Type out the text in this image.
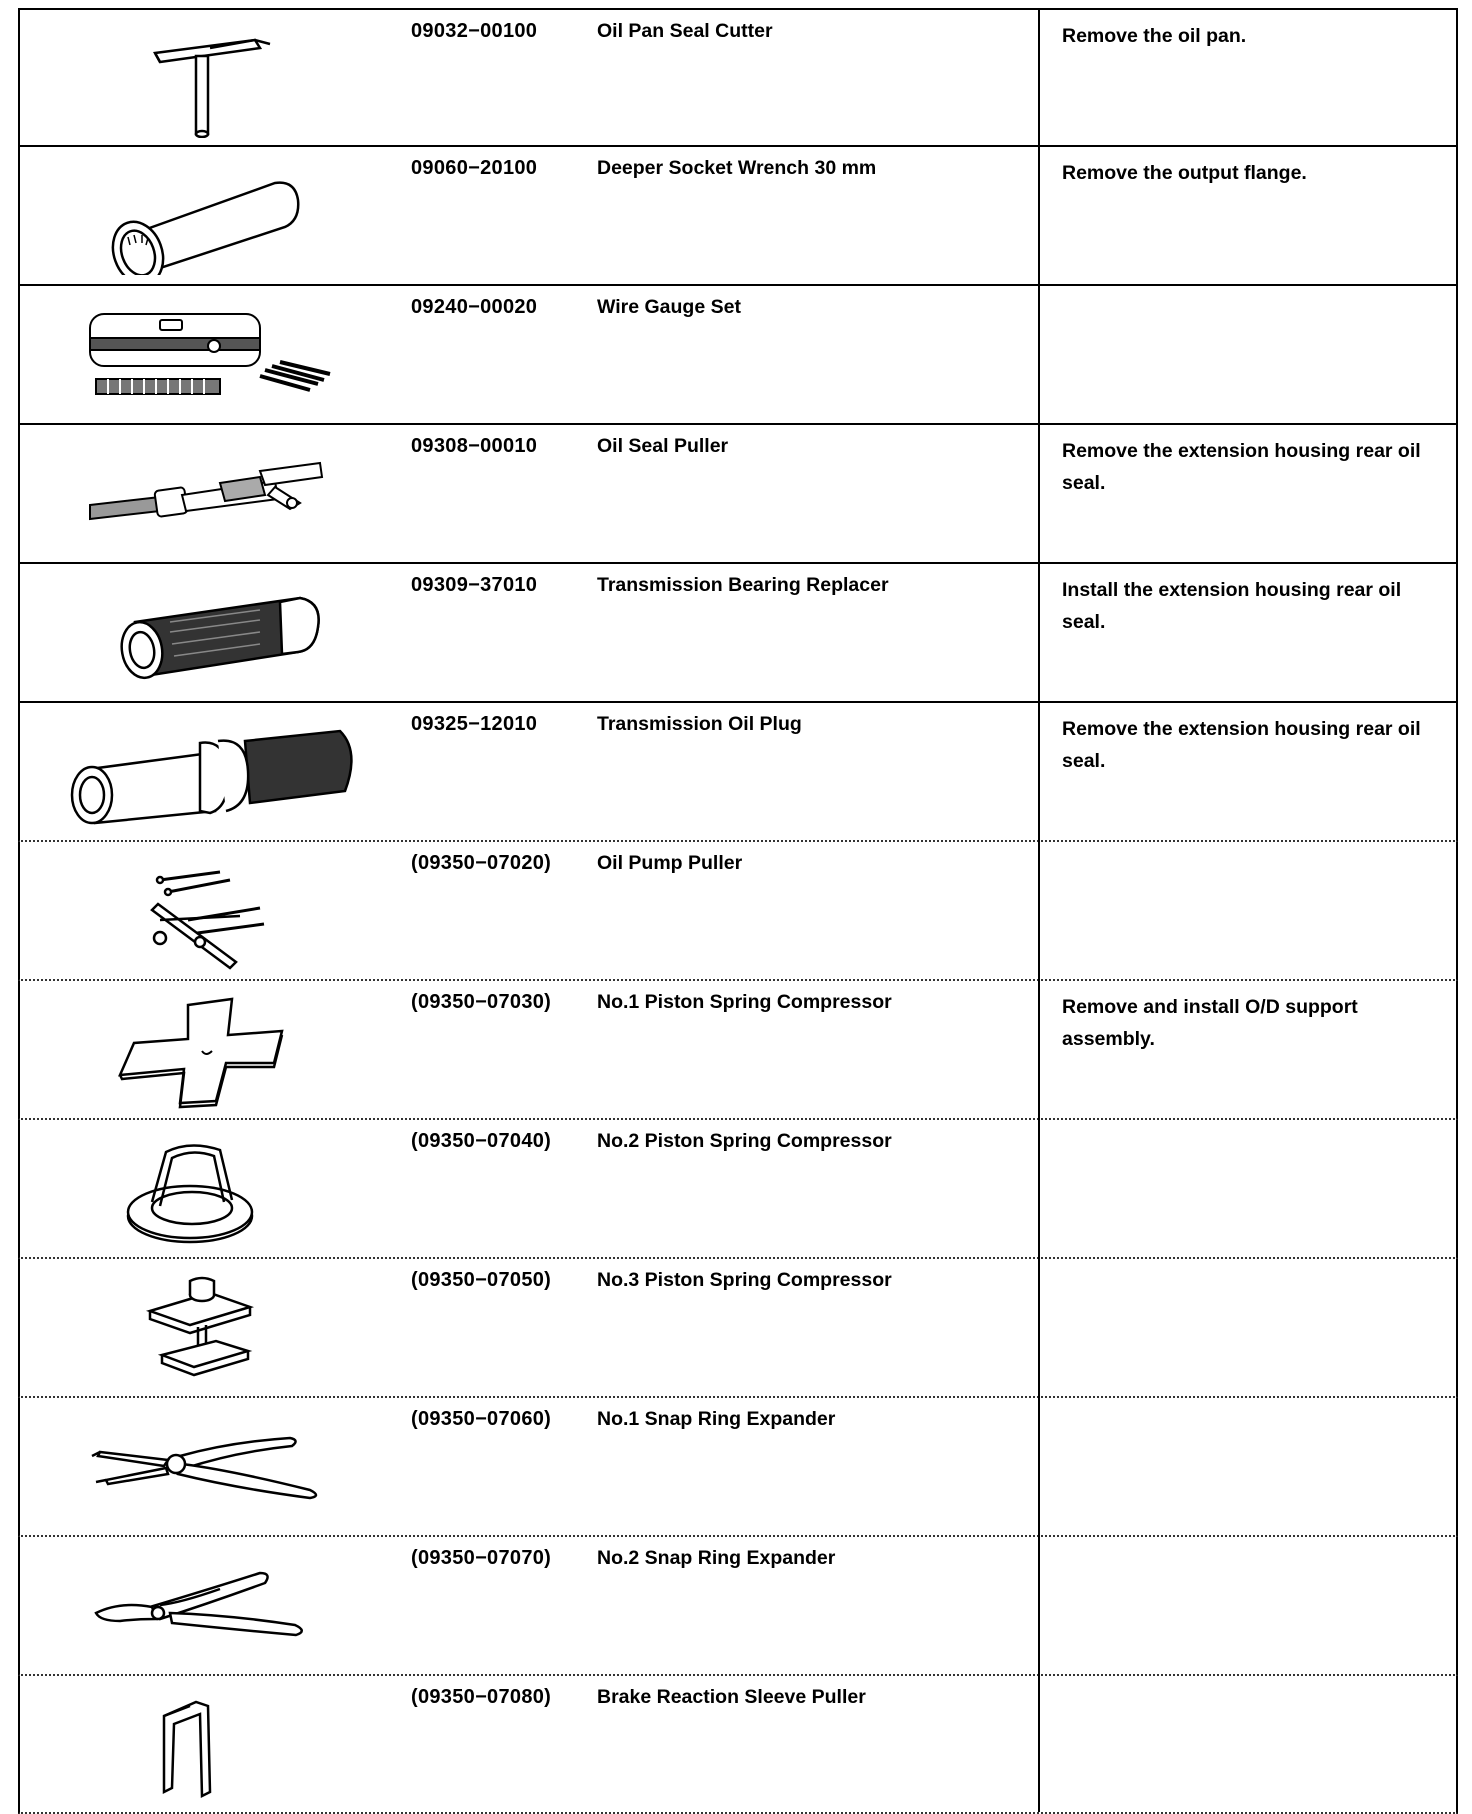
09032−00100	Oil Pan Seal Cutter	Remove the oil pan.
09060−20100	Deeper Socket Wrench 30 mm	Remove the output flange.
09240−00020	Wire Gauge Set
09308−00010	Oil Seal Puller	Remove the extension housing rear oil seal.
09309−37010	Transmission Bearing Replacer	Install the extension housing rear oil seal.
09325−12010	Transmission Oil Plug	Remove the extension housing rear oil seal.
(09350−07020)	Oil Pump Puller
(09350−07030)	No.1 Piston Spring Compressor	Remove and install O/D support assembly.
(09350−07040)	No.2 Piston Spring Compressor
(09350−07050)	No.3 Piston Spring Compressor
(09350−07060)	No.1 Snap Ring Expander
(09350−07070)	No.2 Snap Ring Expander
(09350−07080)	Brake Reaction Sleeve Puller
